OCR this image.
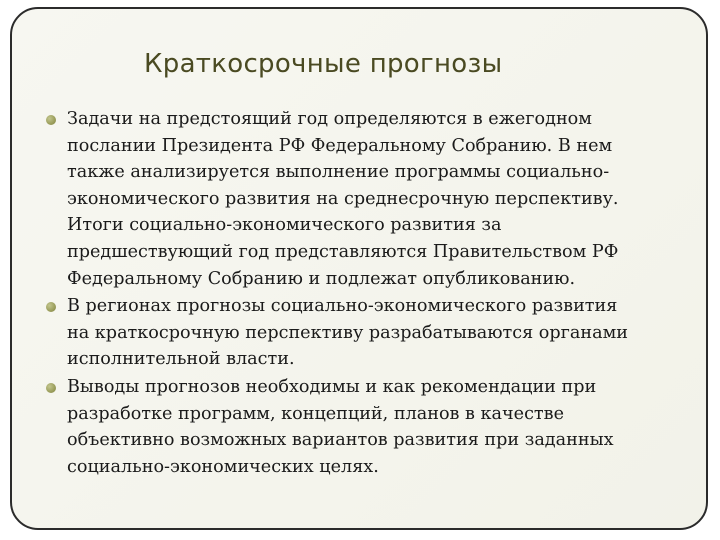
Краткосрочные прогнозы
Задачи на предстоящий год определяются в ежегодном
послании Президента РФ Федеральному Собранию. В нем
также анализируется выполнение программы социально-
экономического развития на среднесрочную перспективу.
Итоги социально-экономического развития за
предшествующий год представляются Правительством РФ
Федеральному Собранию и подлежат опубликованию.
В регионах прогнозы социально-экономического развития
на краткосрочную перспективу разрабатываются органами
исполнительной власти.
Выводы прогнозов необходимы и как рекомендации при
разработке программ, концепций, планов в качестве
объективно возможных вариантов развития при заданных
социально-экономических целях.
